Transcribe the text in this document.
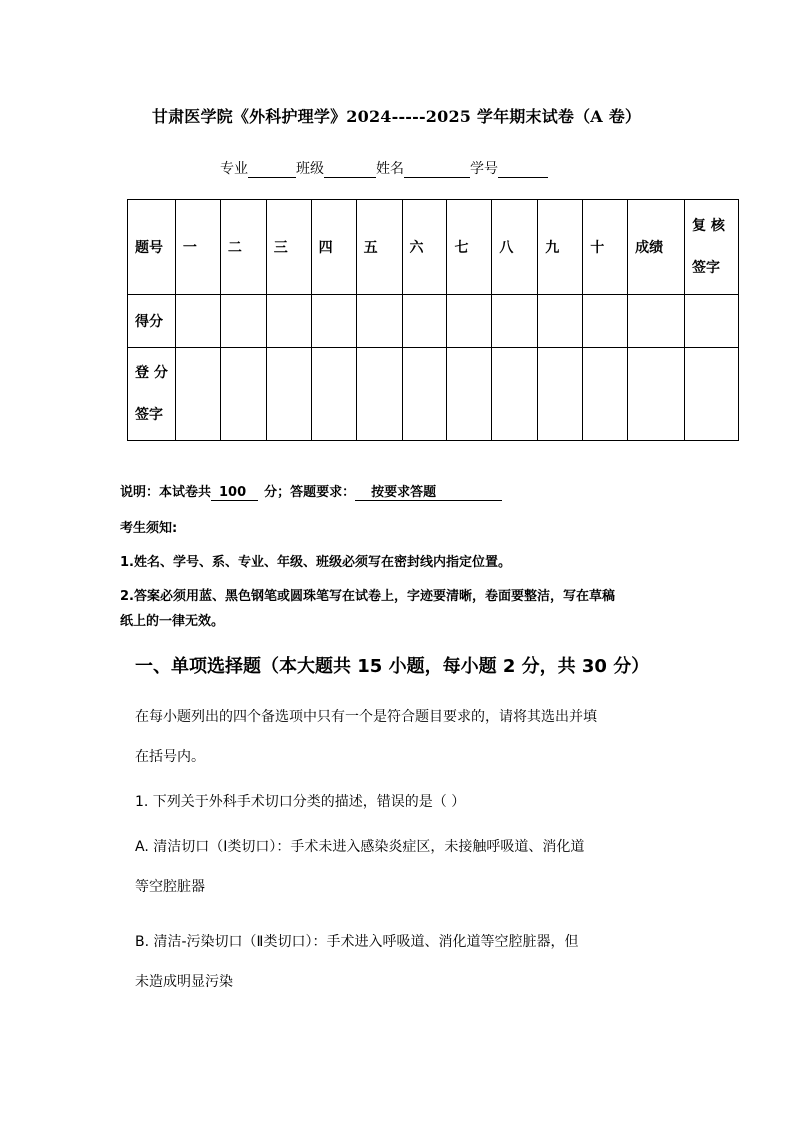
甘肃医学院《外科护理学》2024-----2025 学年期末试卷（A 卷）
专业	班级	姓名	学号
题号	一	二	三	四	五	六	七	八	九	十	成绩	复 核
签字

得分												

登 分
签字												

说明：本试卷共 100 分；答题要求： 按要求答题
考生须知:
1.姓名、学号、系、专业、年级、班级必须写在密封线内指定位置。
2.答案必须用蓝、黑色钢笔或圆珠笔写在试卷上，字迹要清晰，卷面要整洁，写在草稿
纸上的一律无效。
一、单项选择题（本大题共 15 小题，每小题 2 分，共 30 分）
在每小题列出的四个备选项中只有一个是符合题目要求的，请将其选出并填
在括号内。
1. 下列关于外科手术切口分类的描述，错误的是（ ）
A. 清洁切口（Ⅰ类切口）：手术未进入感染炎症区，未接触呼吸道、消化道
等空腔脏器
B. 清洁-污染切口（Ⅱ类切口）：手术进入呼吸道、消化道等空腔脏器，但
未造成明显污染
